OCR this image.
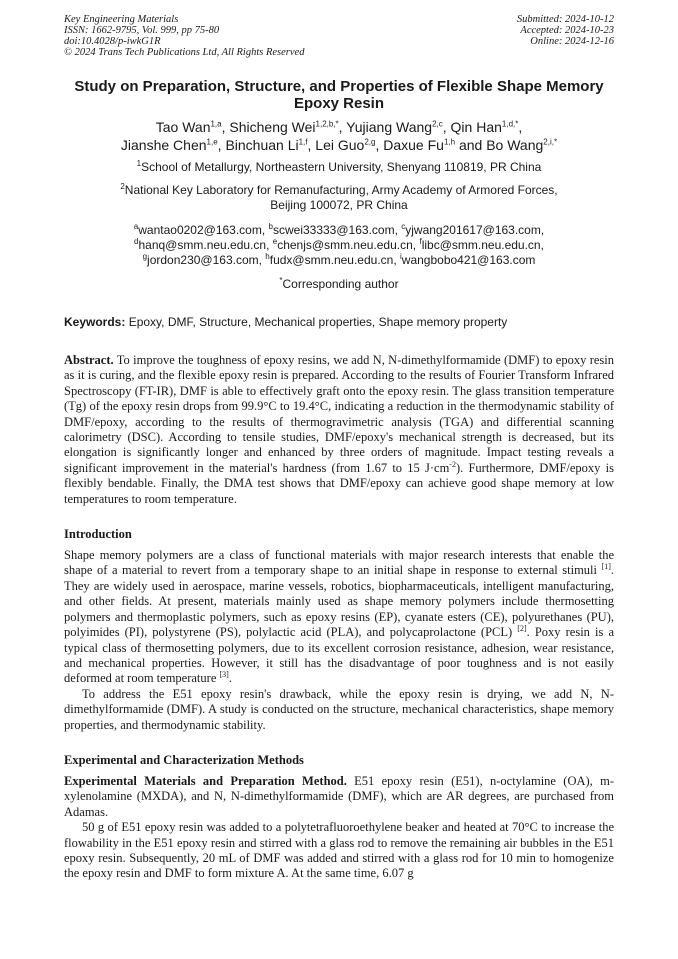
Key Engineering Materials
ISSN: 1662-9795, Vol. 999, pp 75-80
doi:10.4028/p-iwkG1R
© 2024 Trans Tech Publications Ltd, All Rights Reserved
Submitted: 2024-10-12
Accepted: 2024-10-23
Online: 2024-12-16
Study on Preparation, Structure, and Properties of Flexible Shape Memory Epoxy Resin
Tao Wan$^{1,a}$, Shicheng Wei$^{1,2,b,*}$, Yujiang Wang$^{2,c}$, Qin Han$^{1,d,*}$,
Jianshe Chen$^{1,e}$, Binchuan Li$^{1,f}$, Lei Guo$^{2,g}$, Daxue Fu$^{1,h}$ and Bo Wang$^{2,i,*}$
$^1$School of Metallurgy, Northeastern University, Shenyang 110819, PR China
$^2$National Key Laboratory for Remanufacturing, Army Academy of Armored Forces,
Beijing 100072, PR China
$^a$wantao0202@163.com, $^b$scwei33333@163.com, $^c$yjwang201617@163.com,
$^d$hanq@smm.neu.edu.cn, $^e$chenjs@smm.neu.edu.cn, $^f$libc@smm.neu.edu.cn,
$^g$jordon230@163.com, $^h$fudx@smm.neu.edu.cn, $^i$wangbobo421@163.com
*Corresponding author
Keywords: Epoxy, DMF, Structure, Mechanical properties, Shape memory property

Abstract. To improve the toughness of epoxy resins, we add N, N-dimethylformamide (DMF) to epoxy resin as it is curing, and the flexible epoxy resin is prepared. According to the results of Fourier Transform Infrared Spectroscopy (FT-IR), DMF is able to effectively graft onto the epoxy resin. The glass transition temperature (Tg) of the epoxy resin drops from 99.9°C to 19.4°C, indicating a reduction in the thermodynamic stability of DMF/epoxy, according to the results of thermogravimetric analysis (TGA) and differential scanning calorimetry (DSC). According to tensile studies, DMF/epoxy's mechanical strength is decreased, but its elongation is significantly longer and enhanced by three orders of magnitude. Impact testing reveals a significant improvement in the material's hardness (from 1.67 to 15 $J\cdot cm^{-2}$). Furthermore, DMF/epoxy is flexibly bendable. Finally, the DMA test shows that DMF/epoxy can achieve good shape memory at low temperatures to room temperature.

Introduction

Shape memory polymers are a class of functional materials with major research interests that enable the shape of a material to revert from a temporary shape to an initial shape in response to external stimuli [1]. They are widely used in aerospace, marine vessels, robotics, biopharmaceuticals, intelligent manufacturing, and other fields. At present, materials mainly used as shape memory polymers include thermosetting polymers and thermoplastic polymers, such as epoxy resins (EP), cyanate esters (CE), polyurethanes (PU), polyimides (PI), polystyrene (PS), polylactic acid (PLA), and polycaprolactone (PCL) [2]. Poxy resin is a typical class of thermosetting polymers, due to its excellent corrosion resistance, adhesion, wear resistance, and mechanical properties. However, it still has the disadvantage of poor toughness and is not easily deformed at room temperature [3].

To address the E51 epoxy resin's drawback, while the epoxy resin is drying, we add N, N-dimethylformamide (DMF). A study is conducted on the structure, mechanical characteristics, shape memory properties, and thermodynamic stability.

Experimental and Characterization Methods

Experimental Materials and Preparation Method. E51 epoxy resin (E51), n-octylamine (OA), m-xylenolamine (MXDA), and N, N-dimethylformamide (DMF), which are AR degrees, are purchased from Adamas.

50 g of E51 epoxy resin was added to a polytetrafluoroethylene beaker and heated at 70°C to increase the flowability in the E51 epoxy resin and stirred with a glass rod to remove the remaining air bubbles in the E51 epoxy resin. Subsequently, 20 mL of DMF was added and stirred with a glass rod for 10 min to homogenize the epoxy resin and DMF to form mixture A. At the same time, 6.07 g
